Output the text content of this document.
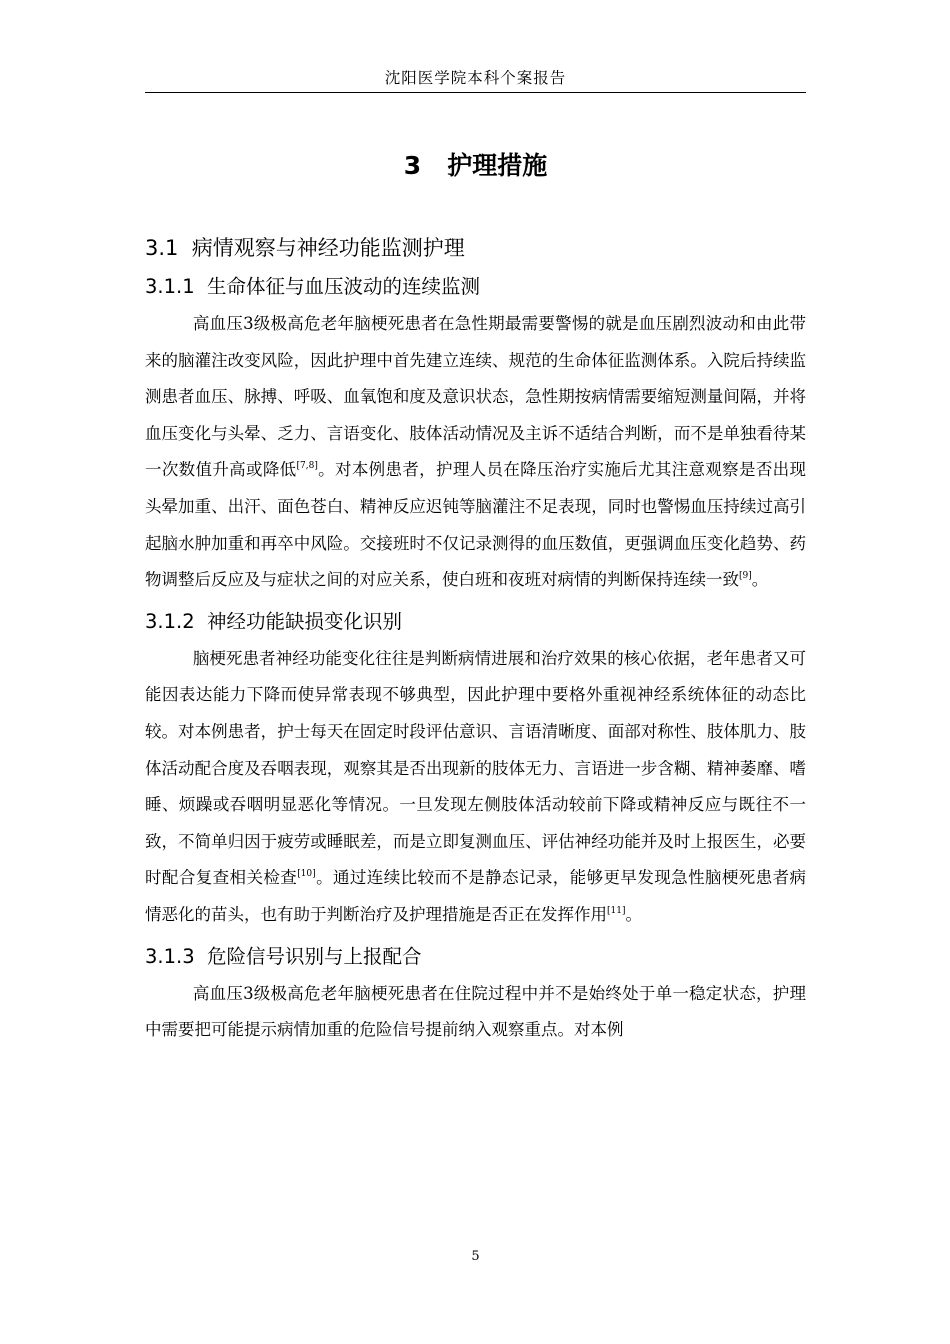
沈阳医学院本科个案报告
3 护理措施
3.1 病情观察与神经功能监测护理
3.1.1 生命体征与血压波动的连续监测

高血压3级极高危老年脑梗死患者在急性期最需要警惕的就是血压剧烈波动和由此带来的脑灌注改变风险，因此护理中首先建立连续、规范的生命体征监测体系。入院后持续监测患者血压、脉搏、呼吸、血氧饱和度及意识状态，急性期按病情需要缩短测量间隔，并将血压变化与头晕、乏力、言语变化、肢体活动情况及主诉不适结合判断，而不是单独看待某一次数值升高或降低[7,8]。对本例患者，护理人员在降压治疗实施后尤其注意观察是否出现头晕加重、出汗、面色苍白、精神反应迟钝等脑灌注不足表现，同时也警惕血压持续过高引起脑水肿加重和再卒中风险。交接班时不仅记录测得的血压数值，更强调血压变化趋势、药物调整后反应及与症状之间的对应关系，使白班和夜班对病情的判断保持连续一致[9]。

3.1.2 神经功能缺损变化识别

脑梗死患者神经功能变化往往是判断病情进展和治疗效果的核心依据，老年患者又可能因表达能力下降而使异常表现不够典型，因此护理中要格外重视神经系统体征的动态比较。对本例患者，护士每天在固定时段评估意识、言语清晰度、面部对称性、肢体肌力、肢体活动配合度及吞咽表现，观察其是否出现新的肢体无力、言语进一步含糊、精神萎靡、嗜睡、烦躁或吞咽明显恶化等情况。一旦发现左侧肢体活动较前下降或精神反应与既往不一致，不简单归因于疲劳或睡眠差，而是立即复测血压、评估神经功能并及时上报医生，必要时配合复查相关检查[10]。通过连续比较而不是静态记录，能够更早发现急性脑梗死患者病情恶化的苗头，也有助于判断治疗及护理措施是否正在发挥作用[11]。

3.1.3 危险信号识别与上报配合

高血压3级极高危老年脑梗死患者在住院过程中并不是始终处于单一稳定状态，护理中需要把可能提示病情加重的危险信号提前纳入观察重点。对本例

5
